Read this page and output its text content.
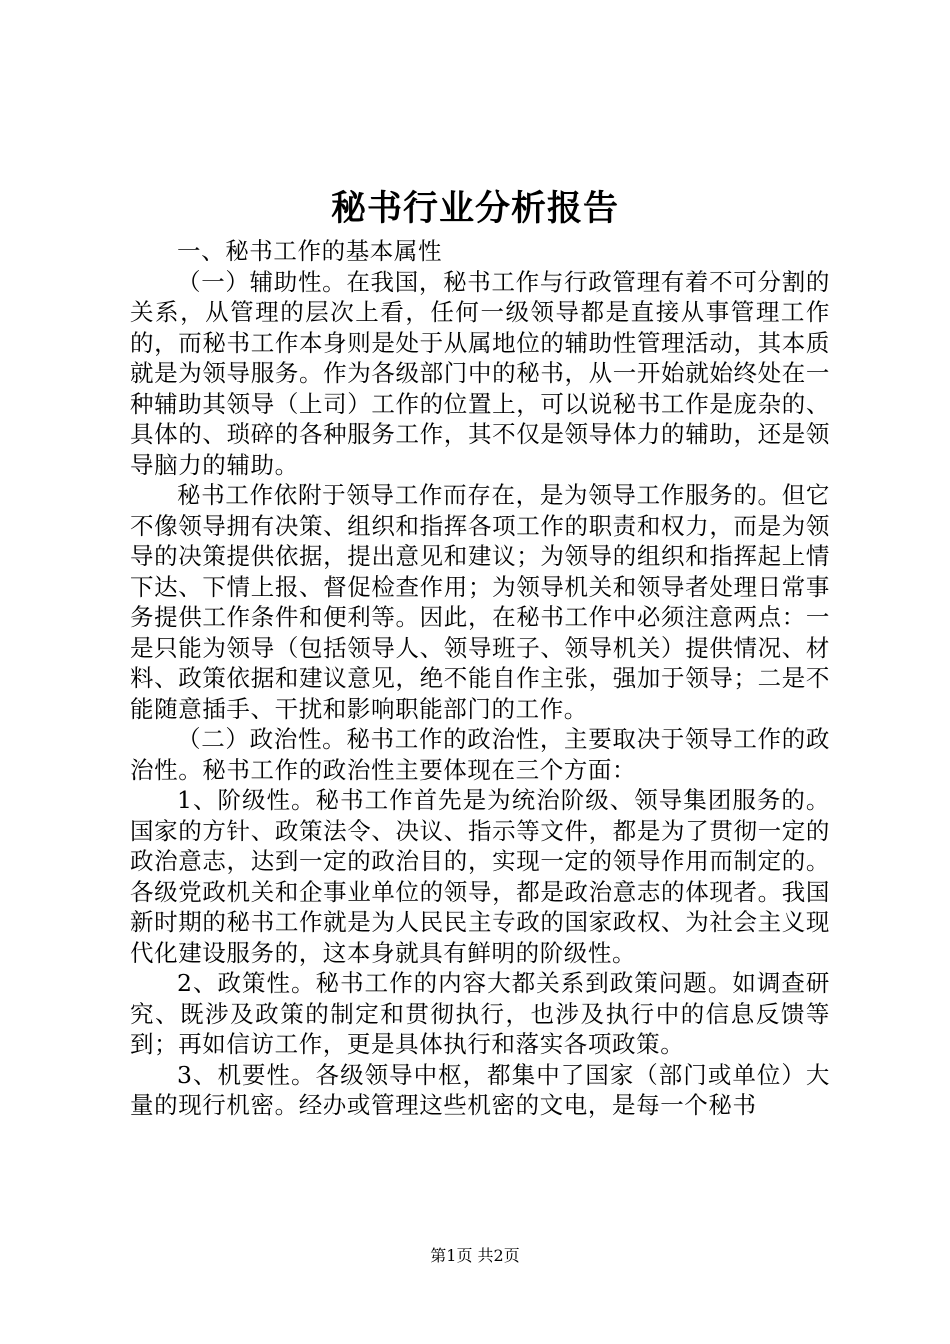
秘书行业分析报告

一、秘书工作的基本属性

（一）辅助性。在我国，秘书工作与行政管理有着不可分割的关系，从管理的层次上看，任何一级领导都是直接从事管理工作的，而秘书工作本身则是处于从属地位的辅助性管理活动，其本质就是为领导服务。作为各级部门中的秘书，从一开始就始终处在一种辅助其领导（上司）工作的位置上，可以说秘书工作是庞杂的、具体的、琐碎的各种服务工作，其不仅是领导体力的辅助，还是领导脑力的辅助。

秘书工作依附于领导工作而存在，是为领导工作服务的。但它不像领导拥有决策、组织和指挥各项工作的职责和权力，而是为领导的决策提供依据，提出意见和建议；为领导的组织和指挥起上情下达、下情上报、督促检查作用；为领导机关和领导者处理日常事务提供工作条件和便利等。因此，在秘书工作中必须注意两点：一是只能为领导（包括领导人、领导班子、领导机关）提供情况、材料、政策依据和建议意见，绝不能自作主张，强加于领导；二是不能随意插手、干扰和影响职能部门的工作。

（二）政治性。秘书工作的政治性，主要取决于领导工作的政治性。秘书工作的政治性主要体现在三个方面：

1、阶级性。秘书工作首先是为统治阶级、领导集团服务的。国家的方针、政策法令、决议、指示等文件，都是为了贯彻一定的政治意志，达到一定的政治目的，实现一定的领导作用而制定的。各级党政机关和企事业单位的领导，都是政治意志的体现者。我国新时期的秘书工作就是为人民民主专政的国家政权、为社会主义现代化建设服务的，这本身就具有鲜明的阶级性。

2、政策性。秘书工作的内容大都关系到政策问题。如调查研究、既涉及政策的制定和贯彻执行，也涉及执行中的信息反馈等到；再如信访工作，更是具体执行和落实各项政策。

3、机要性。各级领导中枢，都集中了国家（部门或单位）大量的现行机密。经办或管理这些机密的文电，是每一个秘书

第1页 共2页
